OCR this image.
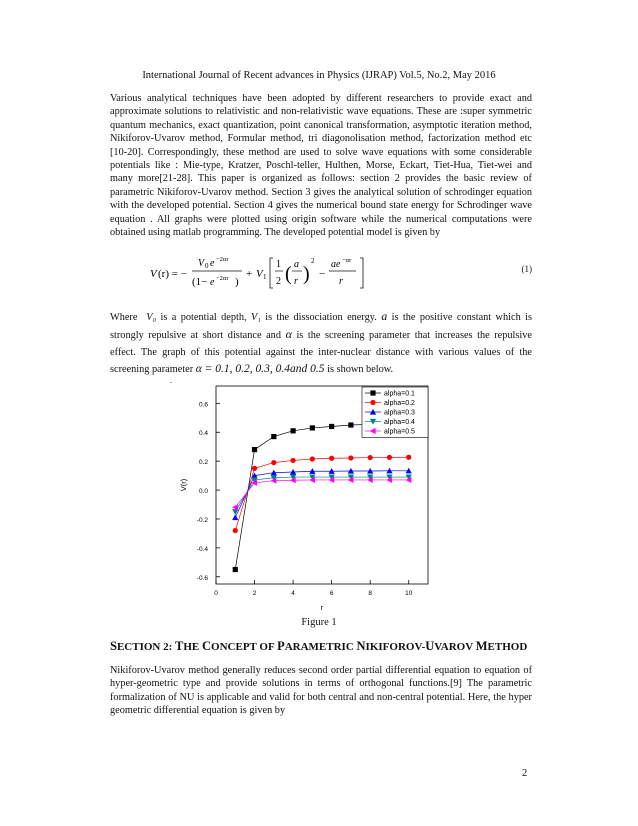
International Journal of Recent advances in Physics (IJRAP) Vol.5, No.2, May 2016

Various analytical techniques have been adopted by different researchers to provide exact and approximate solutions to relativistic and non-relativistic wave equations. These are :super symmetric quantum mechanics, exact quantization, point canonical transformation, asymptotic iteration method, Nikiforov-Uvarov method, Formular method, tri diagonolisation method, factorization method etc [10-20]. Correspondingly, these method are used to solve wave equations with some considerable potentials like : Mie-type, Kratzer, Poschl-teller, Hulthen, Morse, Eckart, Tiet-Hua, Tiet-wei and many more[21-28]. This paper is organized as follows: section 2 provides the basic review of parametric Nikiforov-Uvarov method. Section 3 gives the analytical solution of schrodinger equation with the developed potential. Section 4 gives the numerical bound state energy for Schrodinger wave equation . All graphs were plotted using origin software while the numerical computations were obtained using matlab programming. The developed potential model is given by

V (r) = −
V 0 e −2αr
(1− e −2αr )
+ V 1
1
2 ( a
r )
2
−
ae −αr
r
(1)

Where V₀ is a potential depth, V₁ is the dissociation energy. a is the positive constant which is strongly repulsive at short distance and α is the screening parameter that increases the repulsive effect. The graph of this potential against the inter-nuclear distance with various values of the screening parameter α = 0.1, 0.2, 0.3, 0.4and 0.5 is shown below.

.
0.6
0.4
0.2
0.0
-0.2
-0.4
-0.6
0	2	4	6	8	10
r
V(r)
alpha=0.1
alpha=0.2
alpha=0.3
alpha=0.4
alpha=0.5
Figure 1
SECTION 2: THE CONCEPT OF PARAMETRIC NIKIFOROV-UVAROV METHOD

Nikiforov-Uvarov method generally reduces second order partial differential equation to equation of hyper-geometric type and provide solutions in terms of orthogonal functions.[9] The parametric formalization of NU is applicable and valid for both central and non-central potential. Here, the hyper geometric differential equation is given by

2
